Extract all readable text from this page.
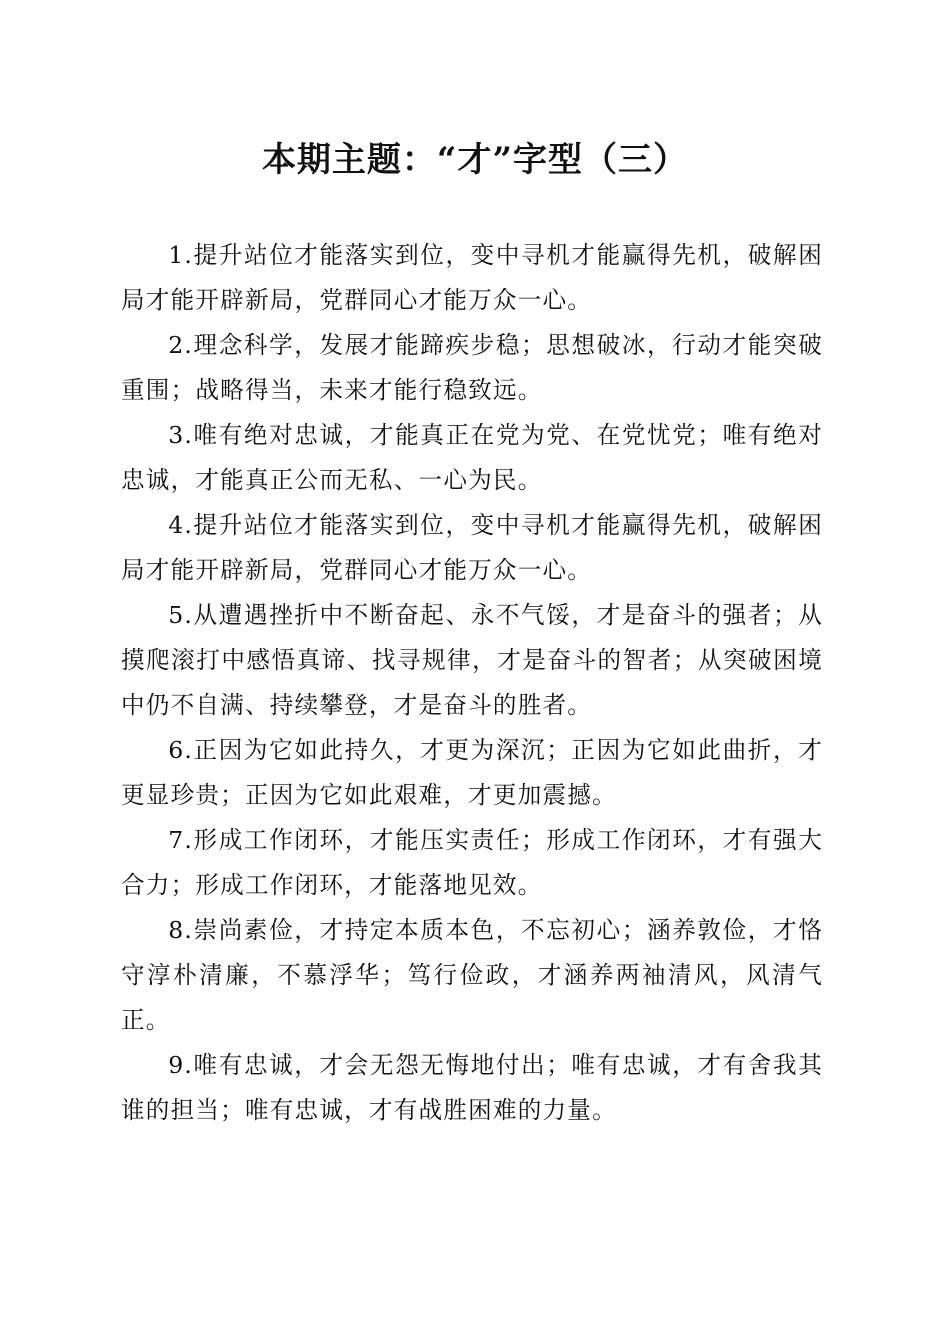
本期主题：“才”字型（三）

1.提升站位才能落实到位，变中寻机才能赢得先机，破解困局才能开辟新局，党群同心才能万众一心。

2.理念科学，发展才能蹄疾步稳；思想破冰，行动才能突破重围；战略得当，未来才能行稳致远。

3.唯有绝对忠诚，才能真正在党为党、在党忧党；唯有绝对忠诚，才能真正公而无私、一心为民。

4.提升站位才能落实到位，变中寻机才能赢得先机，破解困局才能开辟新局，党群同心才能万众一心。

5.从遭遇挫折中不断奋起、永不气馁，才是奋斗的强者；从摸爬滚打中感悟真谛、找寻规律，才是奋斗的智者；从突破困境中仍不自满、持续攀登，才是奋斗的胜者。

6.正因为它如此持久，才更为深沉；正因为它如此曲折，才更显珍贵；正因为它如此艰难，才更加震撼。

7.形成工作闭环，才能压实责任；形成工作闭环，才有强大合力；形成工作闭环，才能落地见效。

8.崇尚素俭，才持定本质本色，不忘初心；涵养敦俭，才恪守淳朴清廉，不慕浮华；笃行俭政，才涵养两袖清风，风清气正。

9.唯有忠诚，才会无怨无悔地付出；唯有忠诚，才有舍我其谁的担当；唯有忠诚，才有战胜困难的力量。
